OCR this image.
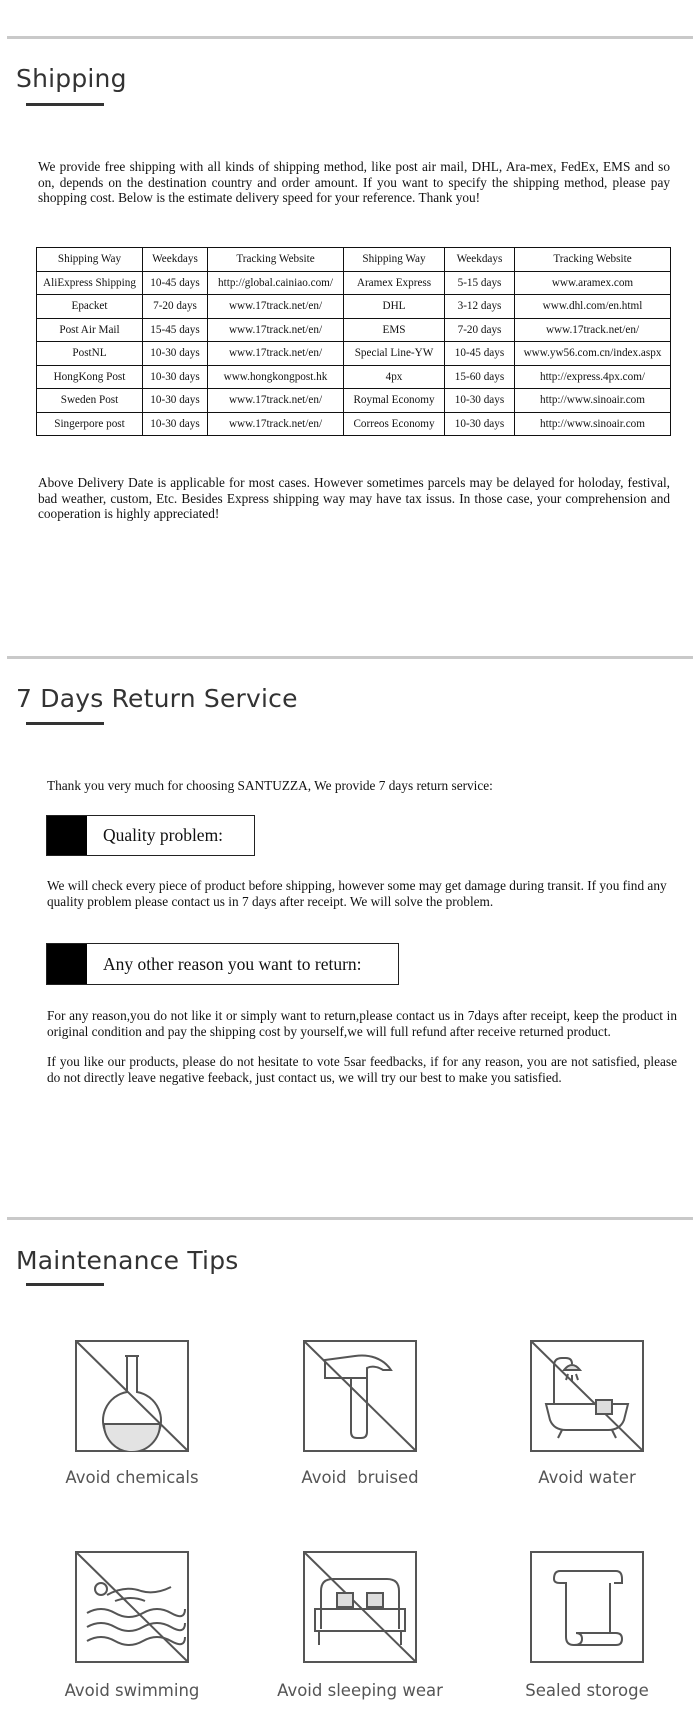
Shipping

We provide free shipping with all kinds of shipping method, like post air mail, DHL, Ara-mex, FedEx, EMS and so on, depends on the destination country and order amount. If you want to specify the shipping method, please pay shopping cost. Below is the estimate delivery speed for your reference. Thank you!

Shipping Way	Weekdays	Tracking Website	Shipping Way	Weekdays	Tracking Website
AliExpress Shipping	10-45 days	http://global.cainiao.com/	Aramex Express	5-15 days	www.aramex.com
Epacket	7-20 days	www.17track.net/en/	DHL	3-12 days	www.dhl.com/en.html
Post Air Mail	15-45 days	www.17track.net/en/	EMS	7-20 days	www.17track.net/en/
PostNL	10-30 days	www.17track.net/en/	Special Line-YW	10-45 days	www.yw56.com.cn/index.aspx
HongKong Post	10-30 days	www.hongkongpost.hk	4px	15-60 days	http://express.4px.com/
Sweden Post	10-30 days	www.17track.net/en/	Roymal Economy	10-30 days	http://www.sinoair.com
Singerpore post	10-30 days	www.17track.net/en/	Correos Economy	10-30 days	http://www.sinoair.com

Above Delivery Date is applicable for most cases. However sometimes parcels may be delayed for holoday, festival, bad weather, custom, Etc. Besides Express shipping way may have tax issus. In those case, your comprehension and cooperation is highly appreciated!

7 Days Return Service

Thank you very much for choosing SANTUZZA, We provide 7 days return service:

Quality problem:

We will check every piece of product before shipping, however some may get damage during transit. If you find any quality problem please contact us in 7 days after receipt. We will solve the problem.

Any other reason you want to return:

For any reason,you do not like it or simply want to return,please contact us in 7days after receipt, keep the product in original condition and pay the shipping cost by yourself,we will full refund after receive returned product.

If you like our products, please do not hesitate to vote 5sar feedbacks, if for any reason, you are not satisfied, please do not directly leave negative feeback, just contact us, we will try our best to make you satisfied.

Maintenance Tips
Avoid chemicals	Avoid  bruised	Avoid water
Avoid swimming	Avoid sleeping wear	Sealed storoge
